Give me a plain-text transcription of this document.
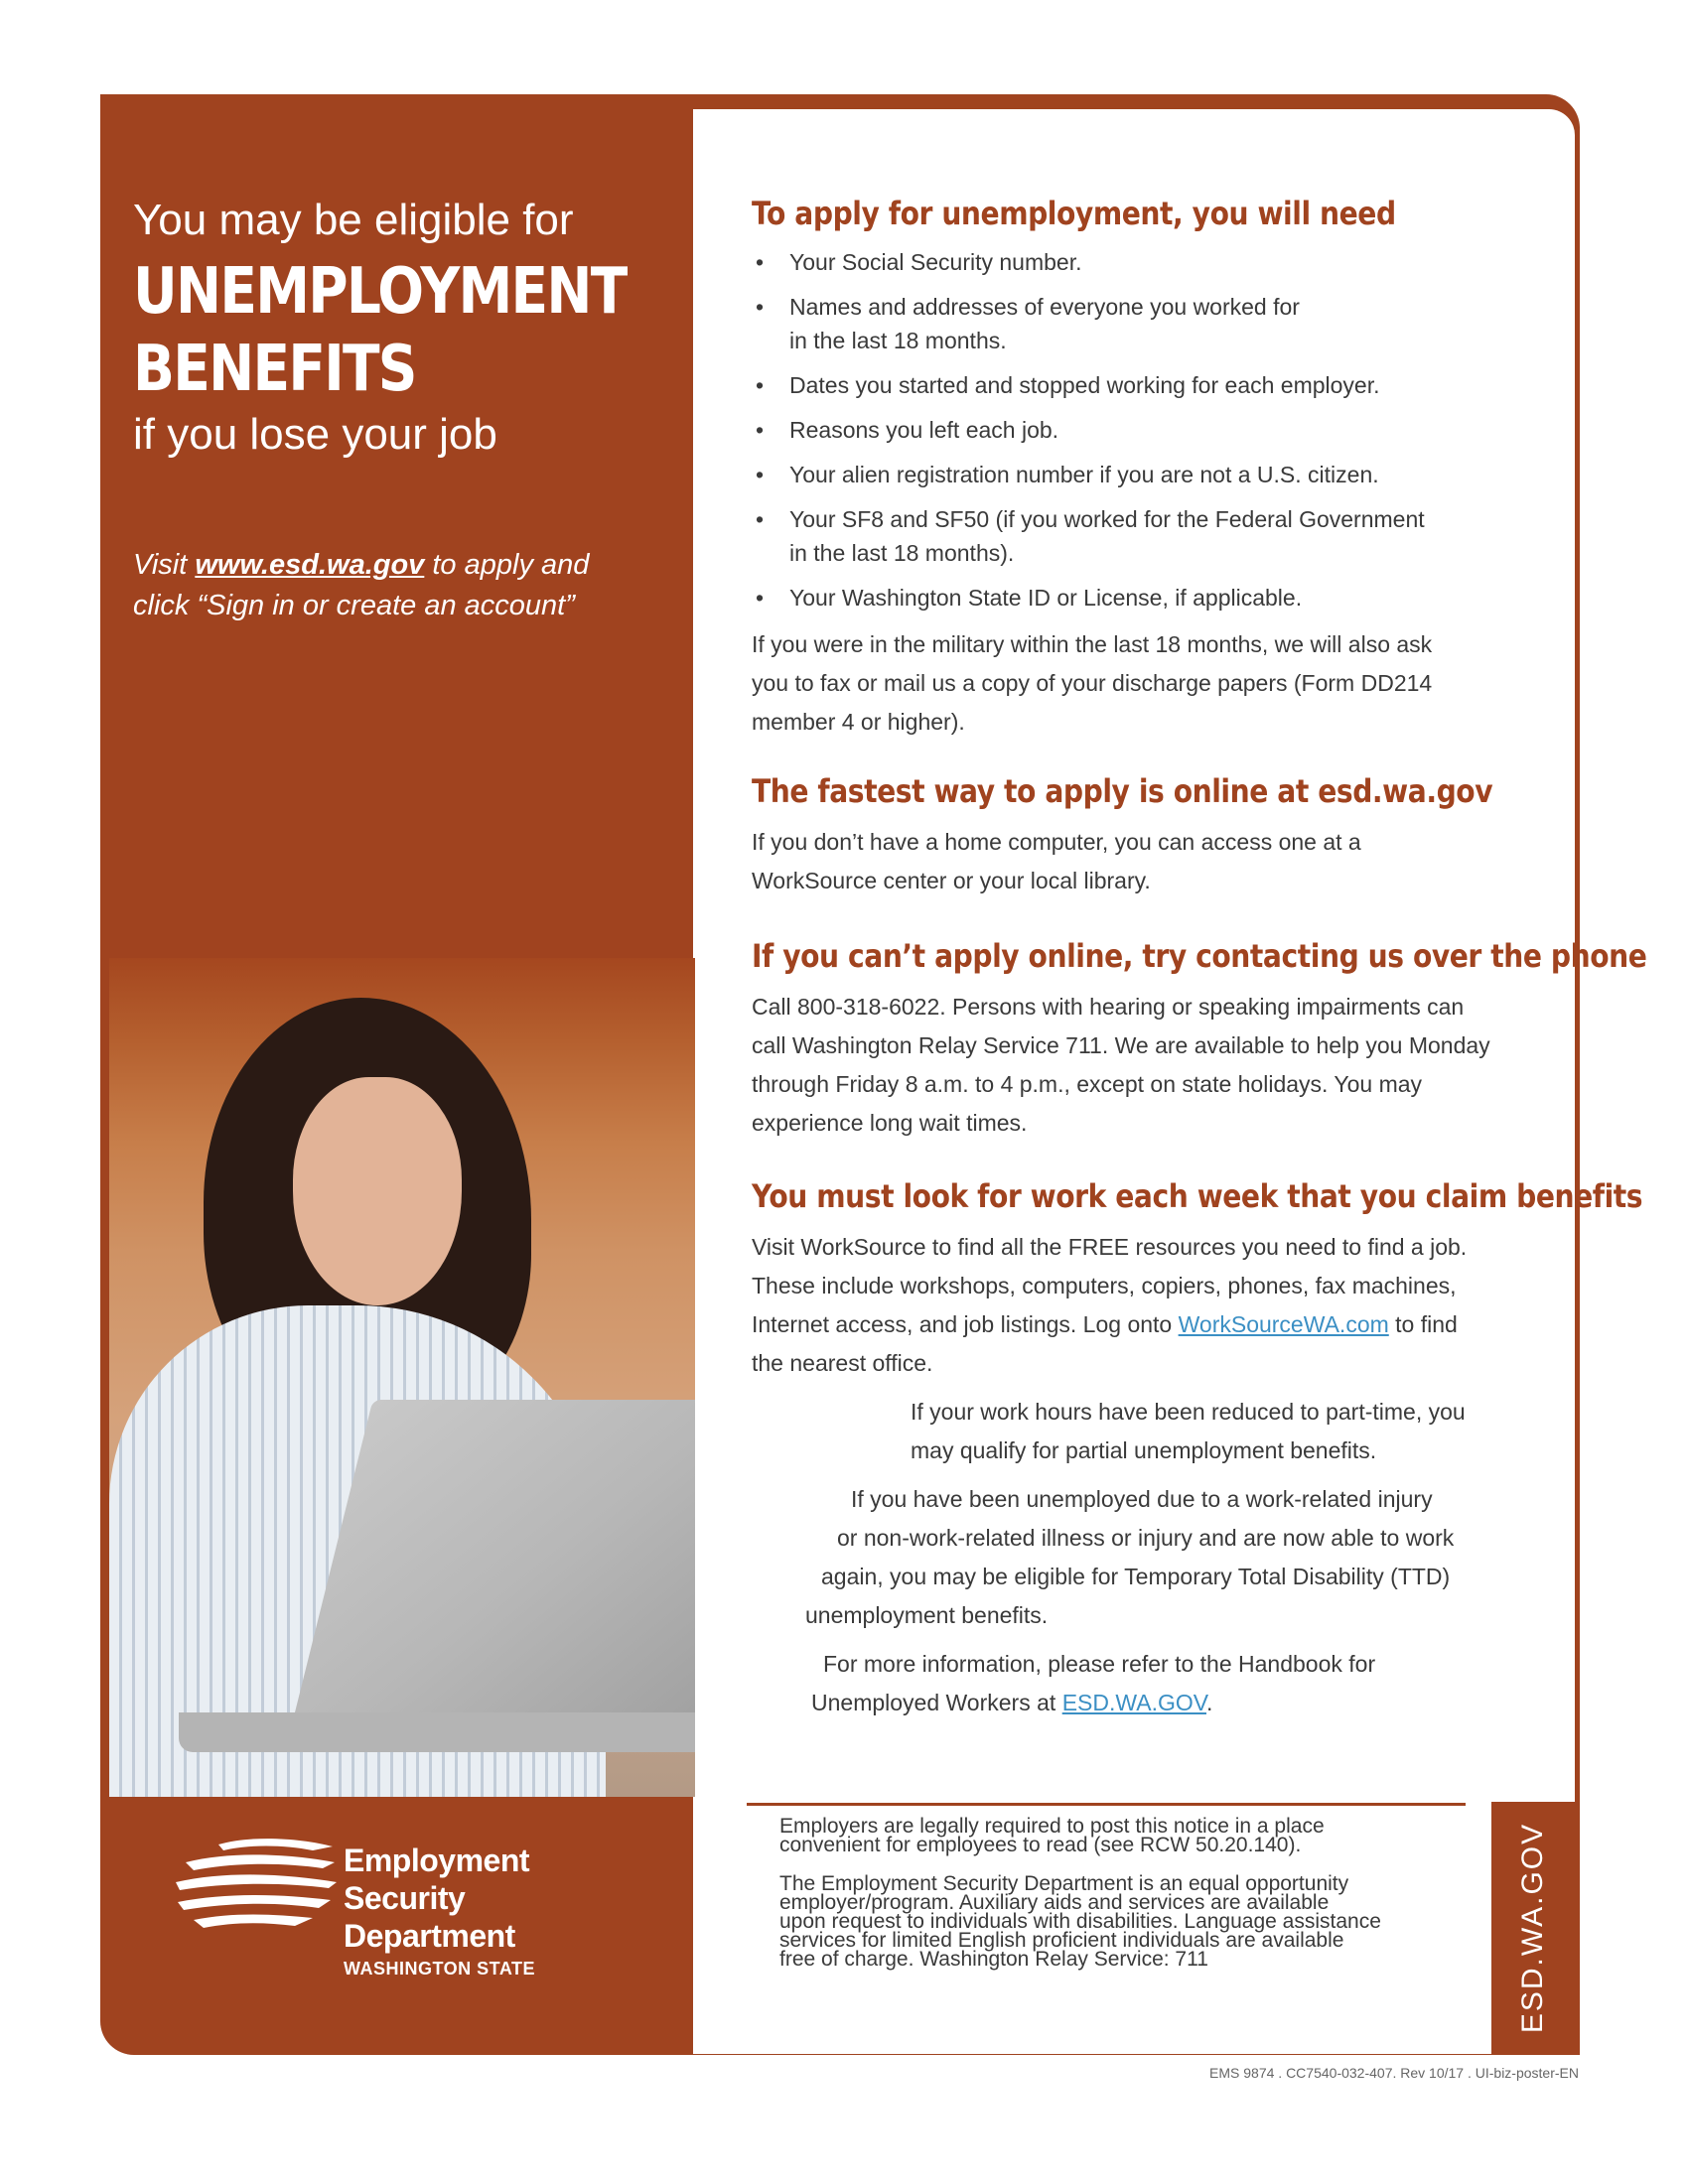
You may be eligible for
UNEMPLOYMENT
BENEFITS
if you lose your job
Visit www.esd.wa.gov to apply and
click “Sign in or create an account”
To apply for unemployment, you will need
• Your Social Security number.
• Names and addresses of everyone you worked for
in the last 18 months.
• Dates you started and stopped working for each employer.
• Reasons you left each job.
• Your alien registration number if you are not a U.S. citizen.
• Your SF8 and SF50 (if you worked for the Federal Government
in the last 18 months).
• Your Washington State ID or License, if applicable.

If you were in the military within the last 18 months, we will also ask
you to fax or mail us a copy of your discharge papers (Form DD214
member 4 or higher).

The fastest way to apply is online at esd.wa.gov

If you don’t have a home computer, you can access one at a
WorkSource center or your local library.

If you can’t apply online, try contacting us over the phone

Call 800-318-6022. Persons with hearing or speaking impairments can
call Washington Relay Service 711. We are available to help you Monday
through Friday 8 a.m. to 4 p.m., except on state holidays. You may
experience long wait times.

You must look for work each week that you claim benefits

Visit WorkSource to find all the FREE resources you need to find a job.
These include workshops, computers, copiers, phones, fax machines,
Internet access, and job listings. Log onto WorkSourceWA.com to find
the nearest office.

If your work hours have been reduced to part-time, you
may qualify for partial unemployment benefits.

If you have been unemployed due to a work-related injury
or non-work-related illness or injury and are now able to work
again, you may be eligible for Temporary Total Disability (TTD)
unemployment benefits.

For more information, please refer to the Handbook for
Unemployed Workers at ESD.WA.GOV.

Employers are legally required to post this notice in a place
convenient for employees to read (see RCW 50.20.140).

The Employment Security Department is an equal opportunity
employer/program. Auxiliary aids and services are available
upon request to individuals with disabilities. Language assistance
services for limited English proficient individuals are available
free of charge. Washington Relay Service: 711	ESD.WA.GOV
Employment
Security
Department
WASHINGTON STATE
EMS 9874 . CC7540-032-407. Rev 10/17 . UI-biz-poster-EN
